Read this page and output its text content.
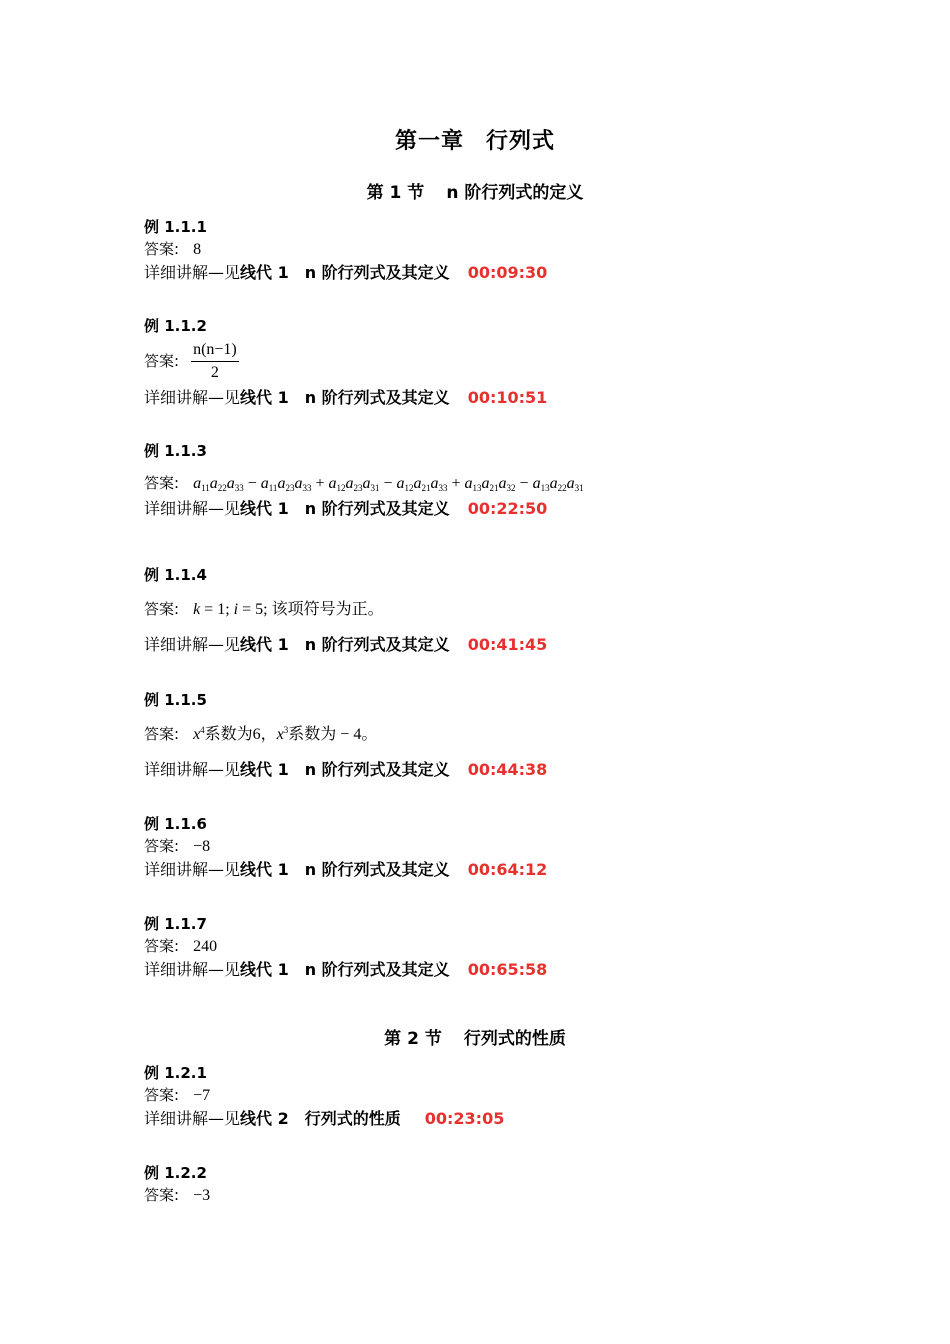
第一章 行列式
第 1 节 n 阶行列式的定义
例 1.1.1
答案: 8
详细讲解—见线代 1　n 阶行列式及其定义 00:09:30
例 1.1.2
答案: $\frac{n(n-1)}{2}$
详细讲解—见线代 1　n 阶行列式及其定义 00:10:51
例 1.1.3
答案: $a_{11}a_{22}a_{33} - a_{11}a_{23}a_{33} + a_{12}a_{23}a_{31} - a_{12}a_{21}a_{33} + a_{13}a_{21}a_{32} - a_{13}a_{22}a_{31}$
详细讲解—见线代 1　n 阶行列式及其定义 00:22:50
例 1.1.4
答案: k = 1; i = 5; 该项符号为正。
详细讲解—见线代 1　n 阶行列式及其定义 00:41:45
例 1.1.5
答案: $x^4$系数为6，$x^3$系数为 − 4。
详细讲解—见线代 1　n 阶行列式及其定义 00:44:38
例 1.1.6
答案: −8
详细讲解—见线代 1　n 阶行列式及其定义 00:64:12
例 1.1.7
答案: 240
详细讲解—见线代 1　n 阶行列式及其定义 00:65:58
第 2 节 行列式的性质
例 1.2.1
答案: −7
详细讲解—见线代 2　行列式的性质 00:23:05
例 1.2.2
答案: −3
